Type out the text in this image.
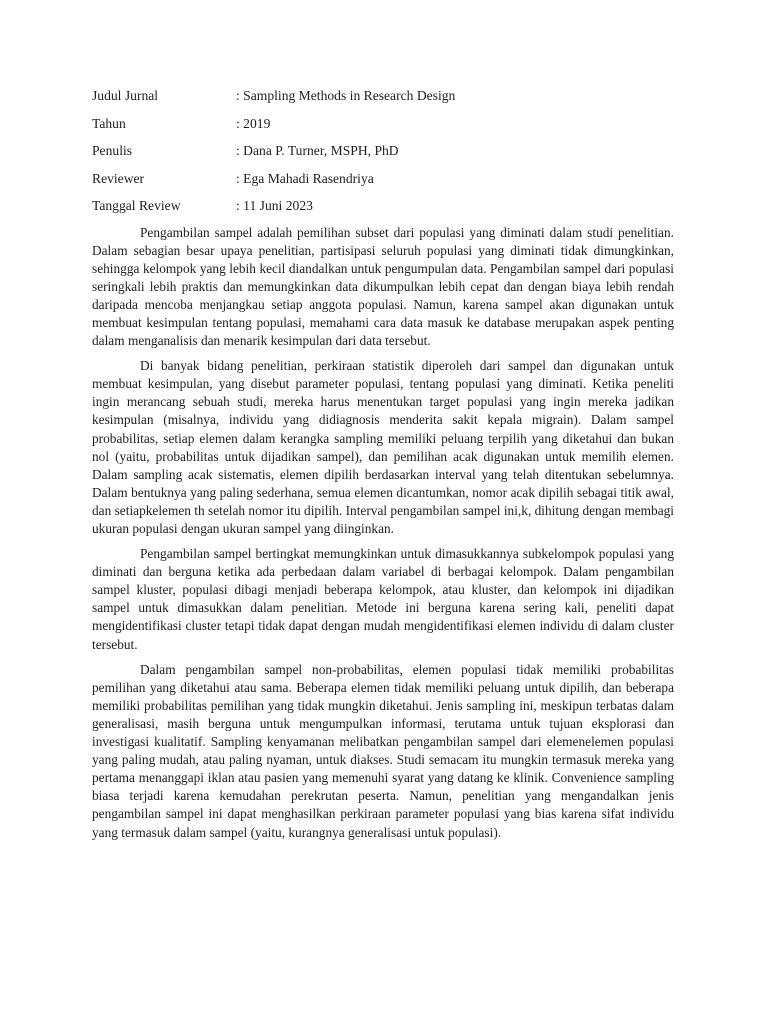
Judul Jurnal	: Sampling Methods in Research Design
Tahun	: 2019
Penulis	: Dana P. Turner, MSPH, PhD
Reviewer	: Ega Mahadi Rasendriya
Tanggal Review	: 11 Juni 2023

Pengambilan sampel adalah pemilihan subset dari populasi yang diminati dalam studi penelitian. Dalam sebagian besar upaya penelitian, partisipasi seluruh populasi yang diminati tidak dimungkinkan, sehingga kelompok yang lebih kecil diandalkan untuk pengumpulan data. Pengambilan sampel dari populasi seringkali lebih praktis dan memungkinkan data dikumpulkan lebih cepat dan dengan biaya lebih rendah daripada mencoba menjangkau setiap anggota populasi. Namun, karena sampel akan digunakan untuk membuat kesimpulan tentang populasi, memahami cara data masuk ke database merupakan aspek penting dalam menganalisis dan menarik kesimpulan dari data tersebut.

Di banyak bidang penelitian, perkiraan statistik diperoleh dari sampel dan digunakan untuk membuat kesimpulan, yang disebut parameter populasi, tentang populasi yang diminati. Ketika peneliti ingin merancang sebuah studi, mereka harus menentukan target populasi yang ingin mereka jadikan kesimpulan (misalnya, individu yang didiagnosis menderita sakit kepala migrain). Dalam sampel probabilitas, setiap elemen dalam kerangka sampling memiliki peluang terpilih yang diketahui dan bukan nol (yaitu, probabilitas untuk dijadikan sampel), dan pemilihan acak digunakan untuk memilih elemen. Dalam sampling acak sistematis, elemen dipilih berdasarkan interval yang telah ditentukan sebelumnya. Dalam bentuknya yang paling sederhana, semua elemen dicantumkan, nomor acak dipilih sebagai titik awal, dan setiapkelemen th setelah nomor itu dipilih. Interval pengambilan sampel ini,k, dihitung dengan membagi ukuran populasi dengan ukuran sampel yang diinginkan.

Pengambilan sampel bertingkat memungkinkan untuk dimasukkannya subkelompok populasi yang diminati dan berguna ketika ada perbedaan dalam variabel di berbagai kelompok. Dalam pengambilan sampel kluster, populasi dibagi menjadi beberapa kelompok, atau kluster, dan kelompok ini dijadikan sampel untuk dimasukkan dalam penelitian. Metode ini berguna karena sering kali, peneliti dapat mengidentifikasi cluster tetapi tidak dapat dengan mudah mengidentifikasi elemen individu di dalam cluster tersebut.

Dalam pengambilan sampel non-probabilitas, elemen populasi tidak memiliki probabilitas pemilihan yang diketahui atau sama. Beberapa elemen tidak memiliki peluang untuk dipilih, dan beberapa memiliki probabilitas pemilihan yang tidak mungkin diketahui. Jenis sampling ini, meskipun terbatas dalam generalisasi, masih berguna untuk mengumpulkan informasi, terutama untuk tujuan eksplorasi dan investigasi kualitatif. Sampling kenyamanan melibatkan pengambilan sampel dari elemenelemen populasi yang paling mudah, atau paling nyaman, untuk diakses. Studi semacam itu mungkin termasuk mereka yang pertama menanggapi iklan atau pasien yang memenuhi syarat yang datang ke klinik. Convenience sampling biasa terjadi karena kemudahan perekrutan peserta. Namun, penelitian yang mengandalkan jenis pengambilan sampel ini dapat menghasilkan perkiraan parameter populasi yang bias karena sifat individu yang termasuk dalam sampel (yaitu, kurangnya generalisasi untuk populasi).
